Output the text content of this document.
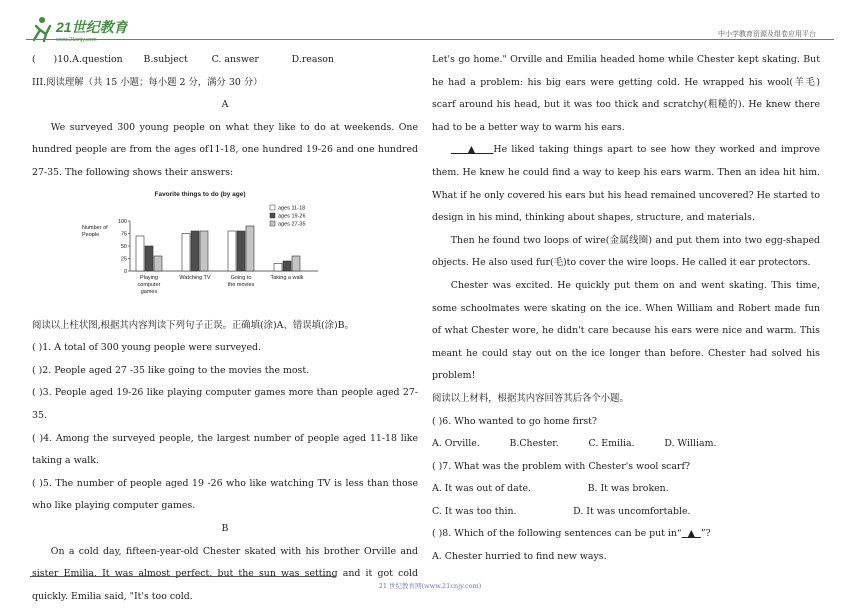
21世纪教育
www.21cnjy.com
中小学教育资源及组卷应用平台

(      )10.A.question       B.subject        C. answer           D.reason

III.阅读理解（共 15 小题；每小题 2 分，满分 30 分）

A

We surveyed 300 young people on what they like to do at weekends. One hundred people are from the ages of11-18, one hundred 19-26 and one hundred 27-35. The following shows their answers:

Favorite things to do (by age)
Number of
People
0
25
50
75
100
Playing
computer
games
Watching TV	Going to
the movies
Taking a walk
ages 11-18
ages 19-26
ages 27-35

阅读以上柱状图,根据其内容判读下列句子正误。正确填(涂)A、错误填(涂)B。

( )1. A total of 300 young people were surveyed.

( )2. People aged 27 -35 like going to the movies the most.

( )3. People aged 19-26 like playing computer games more than people aged 27-35.

( )4. Among the surveyed people, the largest number of people aged 11-18 like taking a walk.

( )5. The number of people aged 19 -26 who like watching TV is less than those who like playing computer games.

B

On a cold day, fifteen-year-old Chester skated with his brother Orville and sister Emilia. It was almost perfect, but the sun was setting and it got cold quickly. Emilia said, "It's too cold.

Let's go home." Orville and Emilia headed home while Chester kept skating. But he had a problem: his big ears were getting cold. He wrapped his wool(羊毛) scarf around his head, but it was too thick and scratchy(粗糙的). He knew there had to be a better way to warm his ears.

▲ He liked taking things apart to see how they worked and improve them. He knew he could find a way to keep his ears warm. Then an idea hit him. What if he only covered his ears but his head remained uncovered? He started to design in his mind, thinking about shapes, structure, and materials.

Then he found two loops of wire(金属线圈) and put them into two egg-shaped objects. He also used fur(毛)to cover the wire loops. He called it ear protectors.

Chester was excited. He quickly put them on and went skating. This time, some schoolmates were skating on the ice. When William and Robert made fun of what Chester wore, he didn't care because his ears were nice and warm. This meant he could stay out on the ice longer than before. Chester had solved his problem!

阅读以上材料，根据其内容回答其后各个小题。

( )6. Who wanted to go home first?

A. Orville.          B.Chester.          C. Emilia.          D. William.

( )7. What was the problem with Chester's wool scarf?

A. It was out of date.                   B. It was broken.

C. It was too thin.                   D. It was uncomfortable.

( )8. Which of the following sentences can be put in“ ▲ ”?

A. Chester hurried to find new ways.

21 世纪教育网(www.21cnjy.com)
